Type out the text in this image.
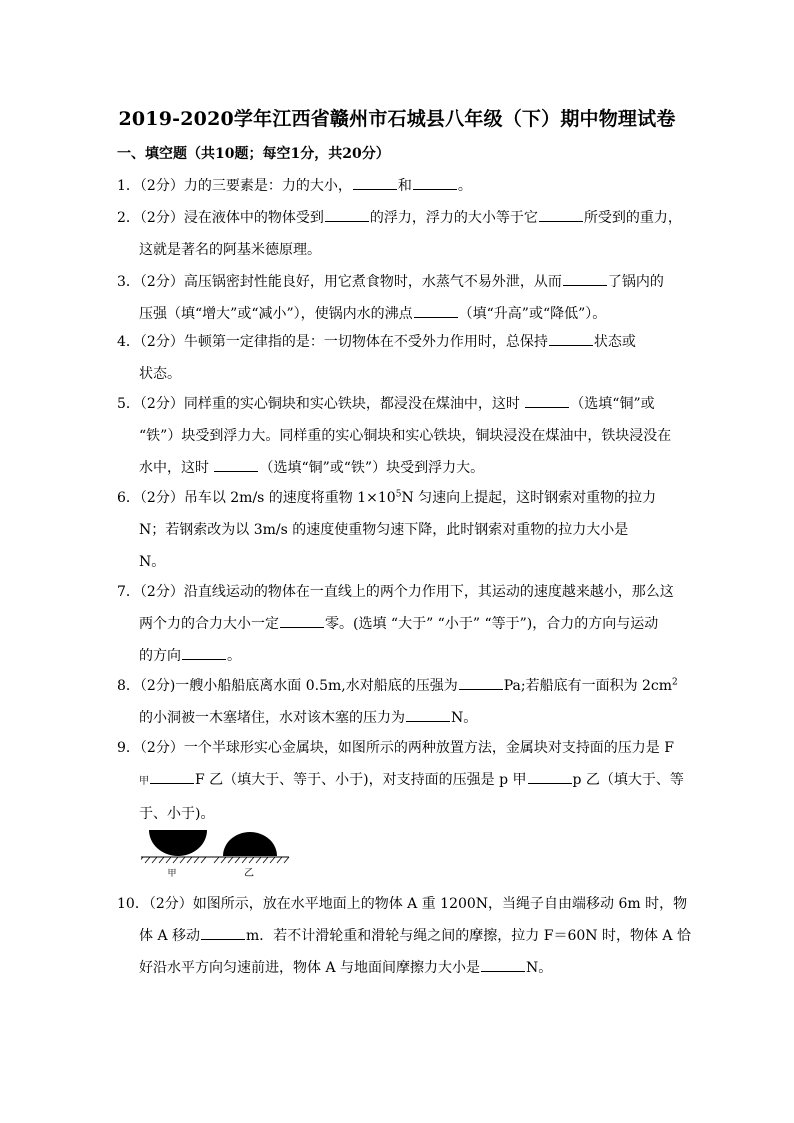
2019-2020学年江西省赣州市石城县八年级（下）期中物理试卷
一、填空题（共10题；每空1分，共20分）
1．（2分）力的三要素是：力的大小，	和	。
2．（2分）浸在液体中的物体受到	的浮力，浮力的大小等于它	所受到的重力，
这就是著名的阿基米德原理。
3．（2分）高压锅密封性能良好，用它煮食物时，水蒸气不易外泄，从而	了锅内的
压强（填“增大”或“减小”），使锅内水的沸点	（填“升高”或“降低”）。
4．（2分）牛顿第一定律指的是：一切物体在不受外力作用时，总保持	状态或
状态。
5．（2分）同样重的实心铜块和实心铁块，都浸没在煤油中，这时	（选填“铜”或
“铁”）块受到浮力大。同样重的实心铜块和实心铁块，铜块浸没在煤油中，铁块浸没在
水中，这时	（选填“铜”或“铁”）块受到浮力大。
6．（2分）吊车以 2m/s 的速度将重物 $1\times 10^5N$ 匀速向上提起，这时钢索对重物的拉力
N；若钢索改为以 3m/s 的速度使重物匀速下降，此时钢索对重物的拉力大小是
N。
7．（2分）沿直线运动的物体在一直线上的两个力作用下，其运动的速度越来越小，那么这
两个力的合力大小一定	零。(选填 “大于” “小于” “等于”)，合力的方向与运动
的方向	。
8．（2分)一艘小船船底离水面 0.5m,水对船底的压强为	Pa;若船底有一面积为 $2cm^2$
的小洞被一木塞堵住，水对该木塞的压力为	N。
9．（2分）一个半球形实心金属块，如图所示的两种放置方法，金属块对支持面的压力是 F
甲	F 乙（填大于、等于、小于)，对支持面的压强是 p 甲	p 乙（填大于、等
于、小于)。
甲	乙
10．（2分）如图所示，放在水平地面上的物体 A 重 1200N，当绳子自由端移动 6m 时，物
体 A 移动	m．若不计滑轮重和滑轮与绳之间的摩擦，拉力 F＝60N 时，物体 A 恰
好沿水平方向匀速前进，物体 A 与地面间摩擦力大小是	N。
